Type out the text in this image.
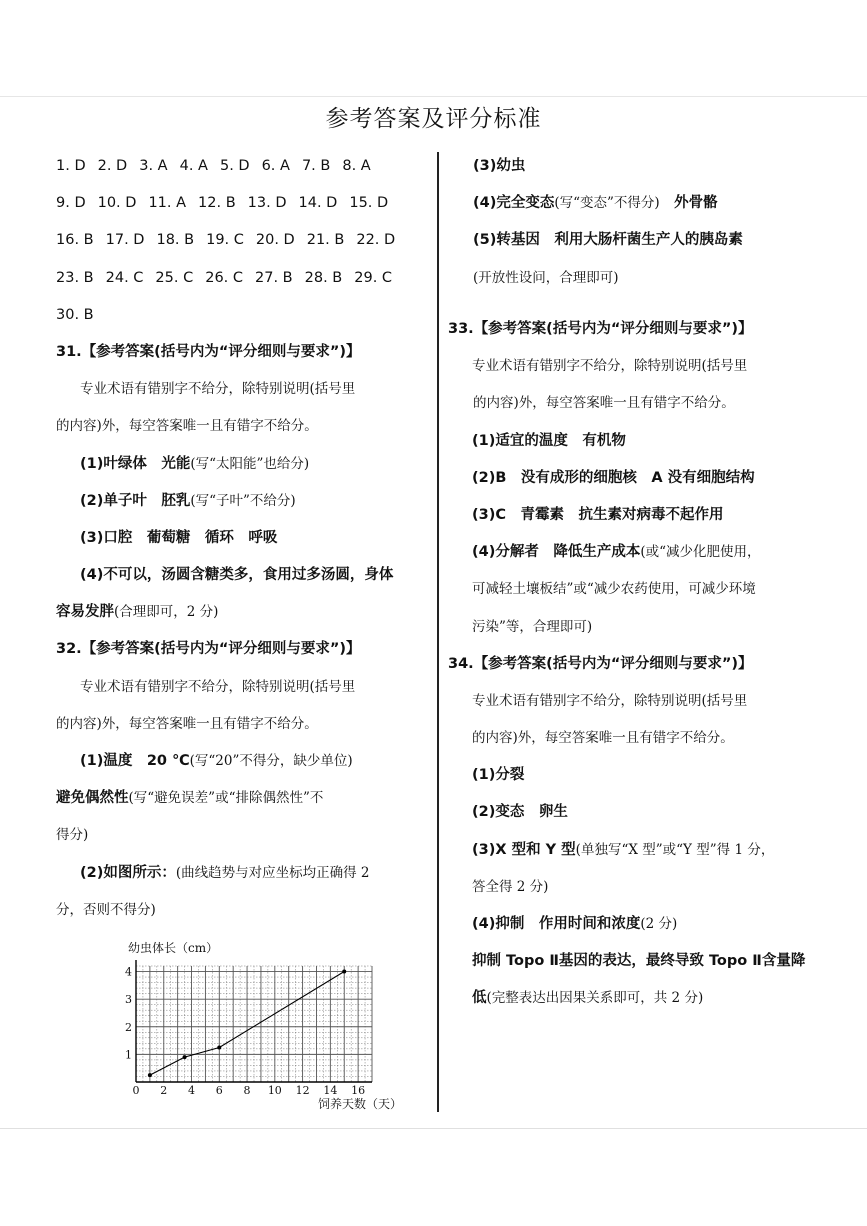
参考答案及评分标准
1. D 2. D 3. A 4. A 5. D 6. A 7. B 8. A
9. D 10. D 11. A 12. B 13. D 14. D 15. D
16. B 17. D 18. B 19. C 20. D 21. B 22. D
23. B 24. C 25. C 26. C 27. B 28. B 29. C
30. B
31.【参考答案(括号内为“评分细则与要求”)】
专业术语有错别字不给分，除特别说明(括号里
的内容)外，每空答案唯一且有错字不给分。
(1)叶绿体　光能(写“太阳能”也给分)
(2)单子叶　胚乳(写“子叶”不给分)
(3)口腔　葡萄糖　循环　呼吸
(4)不可以，汤圆含糖类多，食用过多汤圆，身体
容易发胖(合理即可，2 分)
32.【参考答案(括号内为“评分细则与要求”)】
专业术语有错别字不给分，除特别说明(括号里
的内容)外，每空答案唯一且有错字不给分。
(1)温度　20 ℃(写“20”不得分，缺少单位)
避免偶然性(写“避免误差”或“排除偶然性”不
得分)
(2)如图所示：(曲线趋势与对应坐标均正确得 2
分，否则不得分)
0 2 4 6 8 10 12 14 16
1
2
3
4
幼虫体长（cm）
饲养天数（天）
(3)幼虫
(4)完全变态(写“变态”不得分)　外骨骼
(5)转基因　利用大肠杆菌生产人的胰岛素
(开放性设问，合理即可)
33.【参考答案(括号内为“评分细则与要求”)】
专业术语有错别字不给分，除特别说明(括号里
的内容)外，每空答案唯一且有错字不给分。
(1)适宜的温度　有机物
(2)B　没有成形的细胞核　A 没有细胞结构
(3)C　青霉素　抗生素对病毒不起作用
(4)分解者　降低生产成本(或“减少化肥使用，
可减轻土壤板结”或“减少农药使用，可减少环境
污染”等，合理即可)
34.【参考答案(括号内为“评分细则与要求”)】
专业术语有错别字不给分，除特别说明(括号里
的内容)外，每空答案唯一且有错字不给分。
(1)分裂
(2)变态　卵生
(3)X 型和 Y 型(单独写“X 型”或“Y 型”得 1 分，
答全得 2 分)
(4)抑制　作用时间和浓度(2 分)
抑制 Topo Ⅱ基因的表达，最终导致 Topo Ⅱ含量降
低(完整表达出因果关系即可，共 2 分)
